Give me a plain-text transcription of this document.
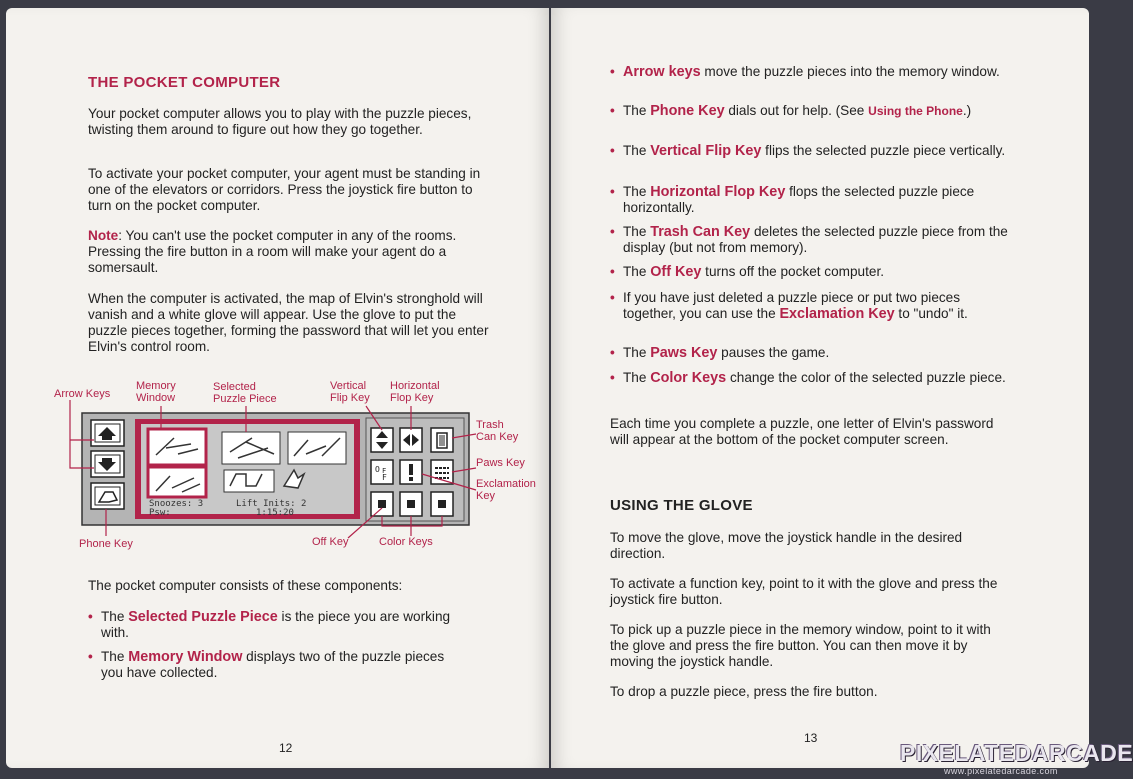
THE POCKET COMPUTER
Your pocket computer allows you to play with the puzzle pieces, twisting them around to figure out how they go together.
To activate your pocket computer, your agent must be standing in one of the elevators or corridors. Press the joystick fire button to turn on the pocket computer.
Note: You can't use the pocket computer in any of the rooms. Pressing the fire button in a room will make your agent do a somersault.
When the computer is activated, the map of Elvin's stronghold will vanish and a white glove will appear. Use the glove to put the puzzle pieces together, forming the password that will let you enter Elvin's control room.
Arrow Keys
Memory Window
Selected Puzzle Piece
Vertical Flip Key
Horizontal Flop Key
Trash Can Key
Paws Key
Exclamation Key
Phone Key	Off Key	Color Keys
O
F
F
Snoozes: 3
Psw:
Lift Inits: 2
1:15:20
The pocket computer consists of these components:
• The Selected Puzzle Piece is the piece you are working with.
• The Memory Window displays two of the puzzle pieces you have collected.
12
• Arrow keys move the puzzle pieces into the memory window.
• The Phone Key dials out for help. (See Using the Phone.)
• The Vertical Flip Key flips the selected puzzle piece vertically.
• The Horizontal Flop Key flops the selected puzzle piece horizontally.
• The Trash Can Key deletes the selected puzzle piece from the display (but not from memory).
• The Off Key turns off the pocket computer.
• If you have just deleted a puzzle piece or put two pieces together, you can use the Exclamation Key to "undo" it.
• The Paws Key pauses the game.
• The Color Keys change the color of the selected puzzle piece.
Each time you complete a puzzle, one letter of Elvin's password will appear at the bottom of the pocket computer screen.
USING THE GLOVE
To move the glove, move the joystick handle in the desired direction.
To activate a function key, point to it with the glove and press the joystick fire button.
To pick up a puzzle piece in the memory window, point to it with the glove and press the fire button. You can then move it by moving the joystick handle.
To drop a puzzle piece, press the fire button.
13
PIXELATEDARCADE
www.pixelatedarcade.com
